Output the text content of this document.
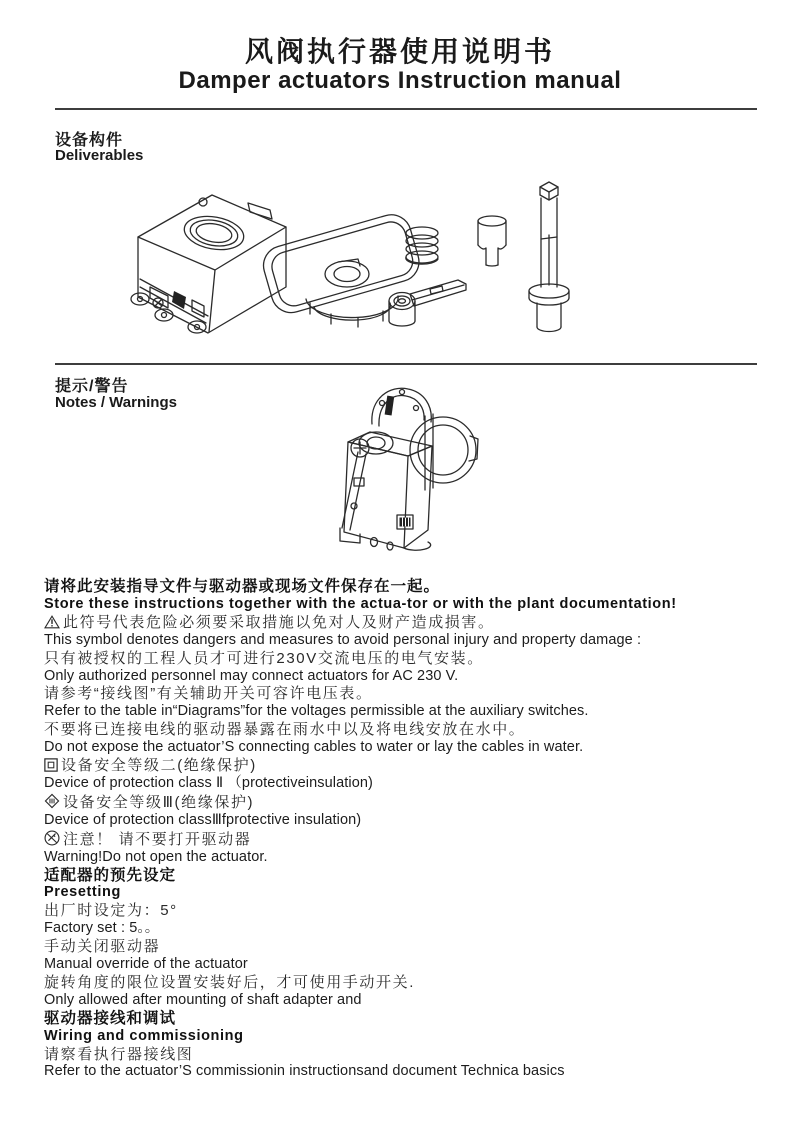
风阀执行器使用说明书
Damper actuators Instruction manual
设备构件
Deliverables
提示/警告
Notes / Warnings

请将此安装指导文件与驱动器或现场文件保存在一起。

Store these instructions together with the actua-tor or with the plant documentation!

此符号代表危险必须要采取措施以免对人及财产造成损害。

This symbol denotes dangers and measures to avoid personal injury and property damage :

只有被授权的工程人员才可进行230V交流电压的电气安装。

Only authorized personnel may connect actuators for AC 230 V.

请参考“接线图”有关辅助开关可容许电压表。

Refer to the table in“Diagrams”for the voltages permissible at the auxiliary switches.

不要将已连接电线的驱动器暴露在雨水中以及将电线安放在水中。

Do not expose the actuator’S connecting cables to water or lay the cables in water.

设备安全等级二(绝缘保护)

Device of protection class Ⅱ （protectiveinsulation)

设备安全等级Ⅲ(绝缘保护)

Device of protection classⅢfprotective insulation)

注意！ 请不要打开驱动器

Warning!Do not open the actuator.

适配器的预先设定

Presetting

出厂时设定为：5°

Factory set : 5。。

手动关闭驱动器

Manual override of the actuator

旋转角度的限位设置安装好后，才可使用手动开关.

Only allowed after mounting of shaft adapter and

驱动器接线和调试

Wiring and commissioning

请察看执行器接线图

Refer to the actuator’S commissionin instructionsand document Technica basics
